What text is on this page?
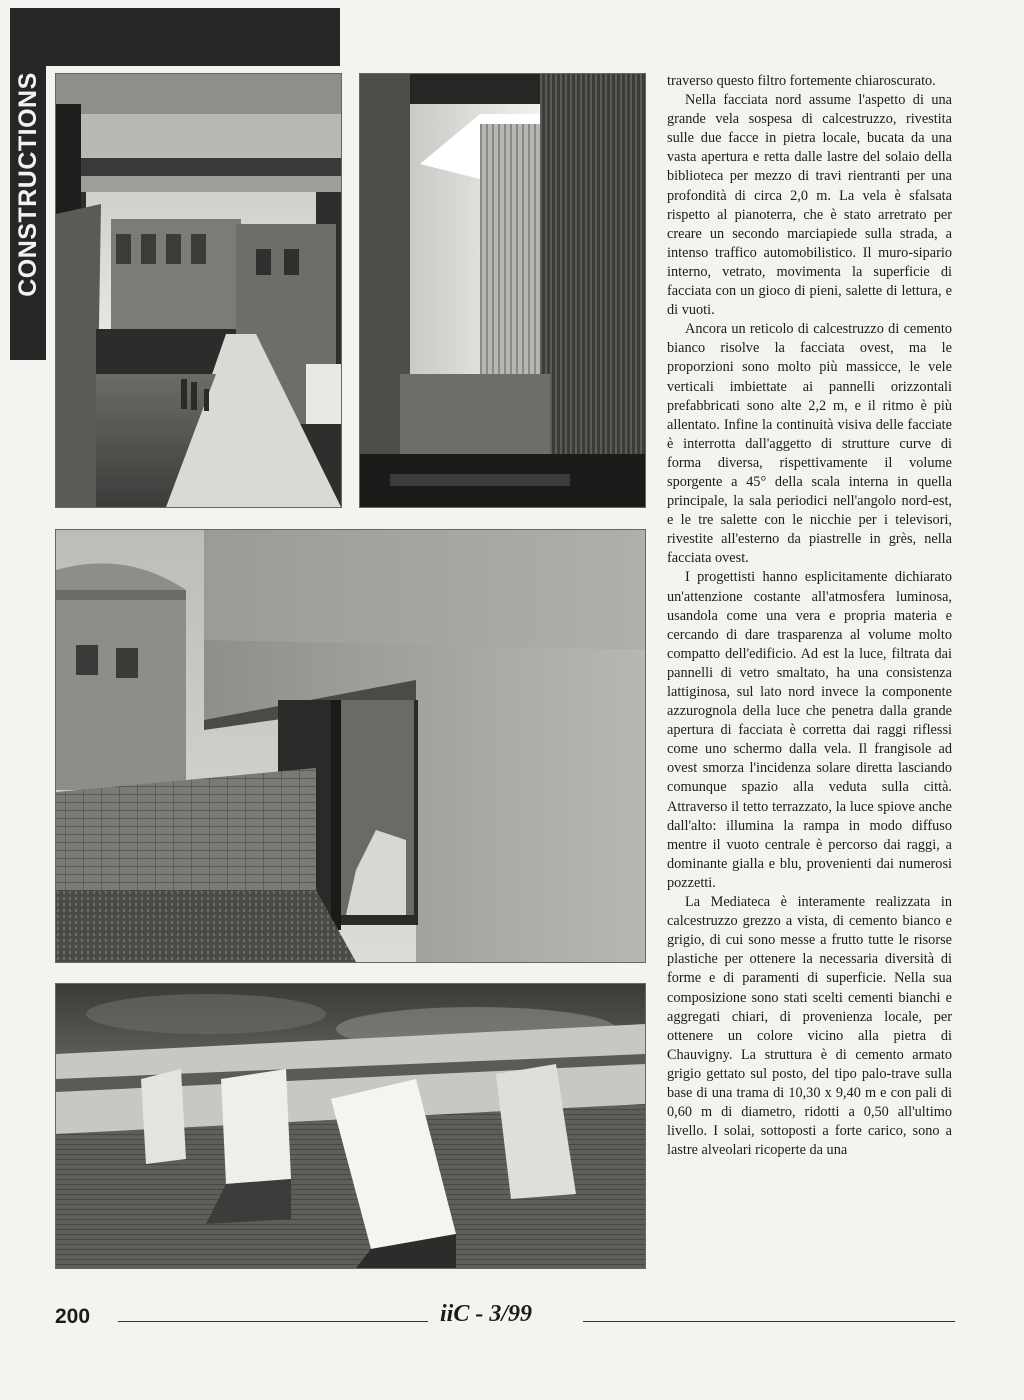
CONSTRUCTIONS	traverso questo filtro fortemente chiaroscurato.

Nella facciata nord assume l'aspetto di una grande vela sospesa di calcestruzzo, rivestita sulle due facce in pietra locale, bucata da una vasta apertura e retta dalle lastre del solaio della biblioteca per mezzo di travi rientranti per una profondità di circa 2,0 m. La vela è sfalsata rispetto al pianoterra, che è stato arretrato per creare un secondo marciapiede sulla strada, a intenso traffico automobilistico. Il muro-sipario interno, vetrato, movimenta la superficie di facciata con un gioco di pieni, salette di lettura, e di vuoti.

Ancora un reticolo di calcestruzzo di cemento bianco risolve la facciata ovest, ma le proporzioni sono molto più massicce, le vele verticali imbiettate ai pannelli orizzontali prefabbricati sono alte 2,2 m, e il ritmo è più allentato. Infine la continuità visiva delle facciate è interrotta dall'aggetto di strutture curve di forma diversa, rispettivamente il volume sporgente a 45° della scala interna in quella principale, la sala periodici nell'angolo nord-est, e le tre salette con le nicchie per i televisori, rivestite all'esterno da piastrelle in grès, nella facciata ovest.

I progettisti hanno esplicitamente dichiarato un'attenzione costante all'atmosfera luminosa, usandola come una vera e propria materia e cercando di dare trasparenza al volume molto compatto dell'edificio. Ad est la luce, filtrata dai pannelli di vetro smaltato, ha una consistenza lattiginosa, sul lato nord invece la componente azzurognola della luce che penetra dalla grande apertura di facciata è corretta dai raggi riflessi come uno schermo dalla vela. Il frangisole ad ovest smorza l'incidenza solare diretta lasciando comunque spazio alla veduta sulla città. Attraverso il tetto terrazzato, la luce spiove anche dall'alto: illumina la rampa in modo diffuso mentre il vuoto centrale è percorso dai raggi, a dominante gialla e blu, provenienti dai numerosi pozzetti.

La Mediateca è interamente realizzata in calcestruzzo grezzo a vista, di cemento bianco e grigio, di cui sono messe a frutto tutte le risorse plastiche per ottenere la necessaria diversità di forme e di paramenti di superficie. Nella sua composizione sono stati scelti cementi bianchi e aggregati chiari, di provenienza locale, per ottenere un colore vicino alla pietra di Chauvigny. La struttura è di cemento armato grigio gettato sul posto, del tipo palo-trave sulla base di una trama di 10,30 x 9,40 m e con pali di 0,60 m di diametro, ridotti a 0,50 all'ultimo livello. I solai, sottoposti a forte carico, sono a lastre alveolari ricoperte da una

200	iiC - 3/99
